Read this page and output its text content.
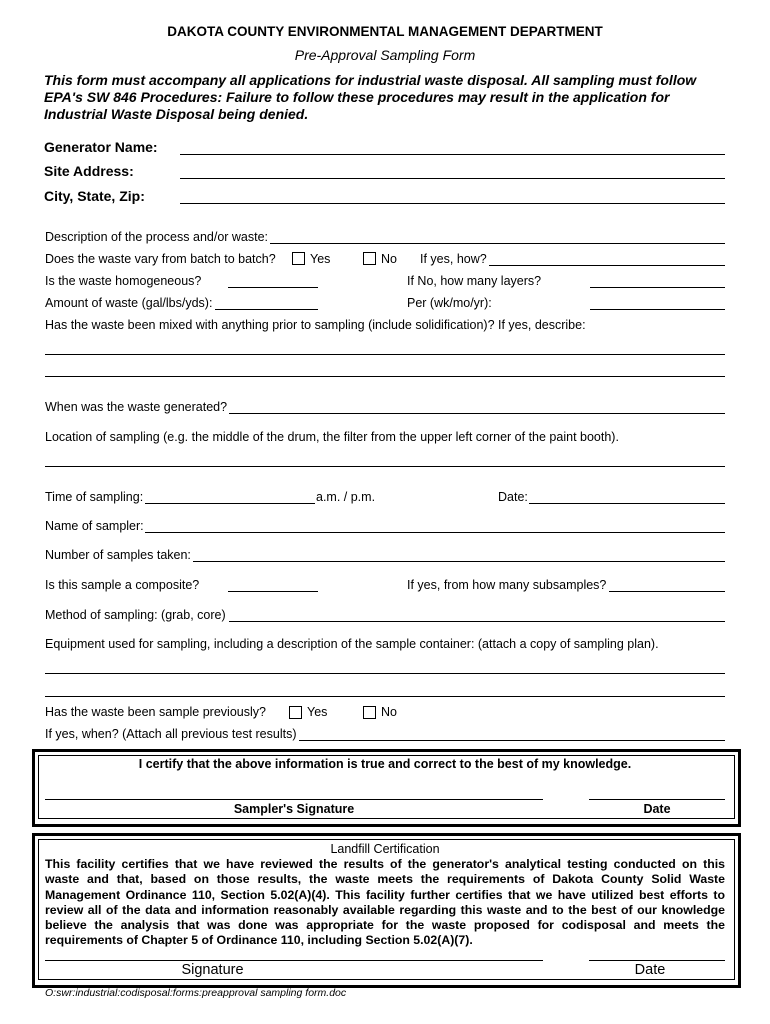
DAKOTA COUNTY ENVIRONMENTAL MANAGEMENT DEPARTMENT
Pre-Approval Sampling Form
This form must accompany all applications for industrial waste disposal. All sampling must follow
EPA's SW 846 Procedures: Failure to follow these procedures may result in the application for
Industrial Waste Disposal being denied.
Generator Name:
Site Address:
City, State, Zip:
Description of the process and/or waste:
Does the waste vary from batch to batch?	Yes	No If yes, how?
Is the waste homogeneous?	If No, how many layers?
Amount of waste (gal/lbs/yds):	Per (wk/mo/yr):
Has the waste been mixed with anything prior to sampling (include solidification)? If yes, describe:
When was the waste generated?
Location of sampling (e.g. the middle of the drum, the filter from the upper left corner of the paint booth).
Time of sampling:	a.m. / p.m.	Date:
Name of sampler:
Number of samples taken:
Is this sample a composite?	If yes, from how many subsamples?
Method of sampling: (grab, core)
Equipment used for sampling, including a description of the sample container: (attach a copy of sampling plan).
Has the waste been sample previously?	Yes	No
If yes, when? (Attach all previous test results)
I certify that the above information is true and correct to the best of my knowledge.
Sampler's Signature	Date
Landfill Certification
This facility certifies that we have reviewed the results of the generator's analytical testing conducted on this
waste and that, based on those results, the waste meets the requirements of Dakota County Solid Waste
Management Ordinance 110, Section 5.02(A)(4). This facility further certifies that we have utilized best efforts to
review all of the data and information reasonably available regarding this waste and to the best of our knowledge
believe the analysis that was done was appropriate for the waste proposed for codisposal and meets the
requirements of Chapter 5 of Ordinance 110, including Section 5.02(A)(7).
Signature	Date
O:swr:industrial:codisposal:forms:preapproval sampling form.doc
